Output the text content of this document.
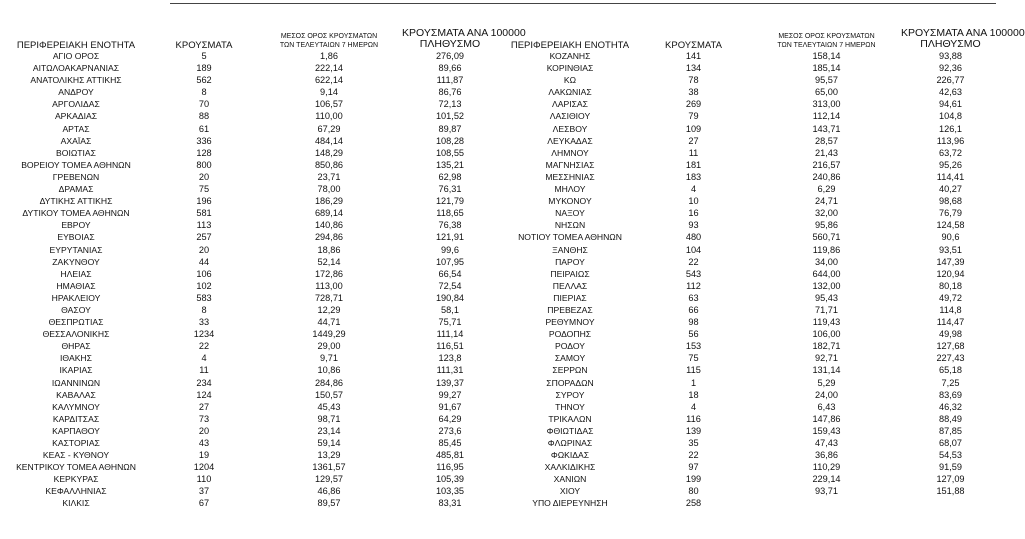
ΠΕΡΙΦΕΡΕΙΑΚΗ ΕΝΟΤΗΤΑ	ΚΡΟΥΣΜΑΤΑ	ΜΕΣΟΣ ΟΡΟΣ ΚΡΟΥΣΜΑΤΩΝ
ΤΩΝ ΤΕΛΕΥΤΑΙΩΝ 7 ΗΜΕΡΩΝ	ΚΡΟΥΣΜΑΤΑ ΑΝΑ 100000
ΠΛΗΘΥΣΜΟ
ΑΓΙΟ ΟΡΟΣ	5	1,86	276,09
ΑΙΤΩΛΟΑΚΑΡΝΑΝΙΑΣ	189	222,14	89,66
ΑΝΑΤΟΛΙΚΗΣ ΑΤΤΙΚΗΣ	562	622,14	111,87
ΑΝΔΡΟΥ	8	9,14	86,76
ΑΡΓΟΛΙΔΑΣ	70	106,57	72,13
ΑΡΚΑΔΙΑΣ	88	110,00	101,52
ΑΡΤΑΣ	61	67,29	89,87
ΑΧΑΪΑΣ	336	484,14	108,28
ΒΟΙΩΤΙΑΣ	128	148,29	108,55
ΒΟΡΕΙΟΥ ΤΟΜΕΑ ΑΘΗΝΩΝ	800	850,86	135,21
ΓΡΕΒΕΝΩΝ	20	23,71	62,98
ΔΡΑΜΑΣ	75	78,00	76,31
ΔΥΤΙΚΗΣ ΑΤΤΙΚΗΣ	196	186,29	121,79
ΔΥΤΙΚΟΥ ΤΟΜΕΑ ΑΘΗΝΩΝ	581	689,14	118,65
ΕΒΡΟΥ	113	140,86	76,38
ΕΥΒΟΙΑΣ	257	294,86	121,91
ΕΥΡΥΤΑΝΙΑΣ	20	18,86	99,6
ΖΑΚΥΝΘΟΥ	44	52,14	107,95
ΗΛΕΙΑΣ	106	172,86	66,54
ΗΜΑΘΙΑΣ	102	113,00	72,54
ΗΡΑΚΛΕΙΟΥ	583	728,71	190,84
ΘΑΣΟΥ	8	12,29	58,1
ΘΕΣΠΡΩΤΙΑΣ	33	44,71	75,71
ΘΕΣΣΑΛΟΝΙΚΗΣ	1234	1449,29	111,14
ΘΗΡΑΣ	22	29,00	116,51
ΙΘΑΚΗΣ	4	9,71	123,8
ΙΚΑΡΙΑΣ	11	10,86	111,31
ΙΩΑΝΝΙΝΩΝ	234	284,86	139,37
ΚΑΒΑΛΑΣ	124	150,57	99,27
ΚΑΛΥΜΝΟΥ	27	45,43	91,67
ΚΑΡΔΙΤΣΑΣ	73	98,71	64,29
ΚΑΡΠΑΘΟΥ	20	23,14	273,6
ΚΑΣΤΟΡΙΑΣ	43	59,14	85,45
ΚΕΑΣ - ΚΥΘΝΟΥ	19	13,29	485,81
ΚΕΝΤΡΙΚΟΥ ΤΟΜΕΑ ΑΘΗΝΩΝ	1204	1361,57	116,95
ΚΕΡΚΥΡΑΣ	110	129,57	105,39
ΚΕΦΑΛΛΗΝΙΑΣ	37	46,86	103,35
ΚΙΛΚΙΣ	67	89,57	83,31
ΠΕΡΙΦΕΡΕΙΑΚΗ ΕΝΟΤΗΤΑ	ΚΡΟΥΣΜΑΤΑ	ΜΕΣΟΣ ΟΡΟΣ ΚΡΟΥΣΜΑΤΩΝ
ΤΩΝ ΤΕΛΕΥΤΑΙΩΝ 7 ΗΜΕΡΩΝ	ΚΡΟΥΣΜΑΤΑ ΑΝΑ 100000
ΠΛΗΘΥΣΜΟ
ΚΟΖΑΝΗΣ	141	158,14	93,88
ΚΟΡΙΝΘΙΑΣ	134	185,14	92,36
ΚΩ	78	95,57	226,77
ΛΑΚΩΝΙΑΣ	38	65,00	42,63
ΛΑΡΙΣΑΣ	269	313,00	94,61
ΛΑΣΙΘΙΟΥ	79	112,14	104,8
ΛΕΣΒΟΥ	109	143,71	126,1
ΛΕΥΚΑΔΑΣ	27	28,57	113,96
ΛΗΜΝΟΥ	11	21,43	63,72
ΜΑΓΝΗΣΙΑΣ	181	216,57	95,26
ΜΕΣΣΗΝΙΑΣ	183	240,86	114,41
ΜΗΛΟΥ	4	6,29	40,27
ΜΥΚΟΝΟΥ	10	24,71	98,68
ΝΑΞΟΥ	16	32,00	76,79
ΝΗΣΩΝ	93	95,86	124,58
ΝΟΤΙΟΥ ΤΟΜΕΑ ΑΘΗΝΩΝ	480	560,71	90,6
ΞΑΝΘΗΣ	104	119,86	93,51
ΠΑΡΟΥ	22	34,00	147,39
ΠΕΙΡΑΙΩΣ	543	644,00	120,94
ΠΕΛΛΑΣ	112	132,00	80,18
ΠΙΕΡΙΑΣ	63	95,43	49,72
ΠΡΕΒΕΖΑΣ	66	71,71	114,8
ΡΕΘΥΜΝΟΥ	98	119,43	114,47
ΡΟΔΟΠΗΣ	56	106,00	49,98
ΡΟΔΟΥ	153	182,71	127,68
ΣΑΜΟΥ	75	92,71	227,43
ΣΕΡΡΩΝ	115	131,14	65,18
ΣΠΟΡΑΔΩΝ	1	5,29	7,25
ΣΥΡΟΥ	18	24,00	83,69
ΤΗΝΟΥ	4	6,43	46,32
ΤΡΙΚΑΛΩΝ	116	147,86	88,49
ΦΘΙΩΤΙΔΑΣ	139	159,43	87,85
ΦΛΩΡΙΝΑΣ	35	47,43	68,07
ΦΩΚΙΔΑΣ	22	36,86	54,53
ΧΑΛΚΙΔΙΚΗΣ	97	110,29	91,59
ΧΑΝΙΩΝ	199	229,14	127,09
ΧΙΟΥ	80	93,71	151,88
ΥΠΟ ΔΙΕΡΕΥΝΗΣΗ	258		
